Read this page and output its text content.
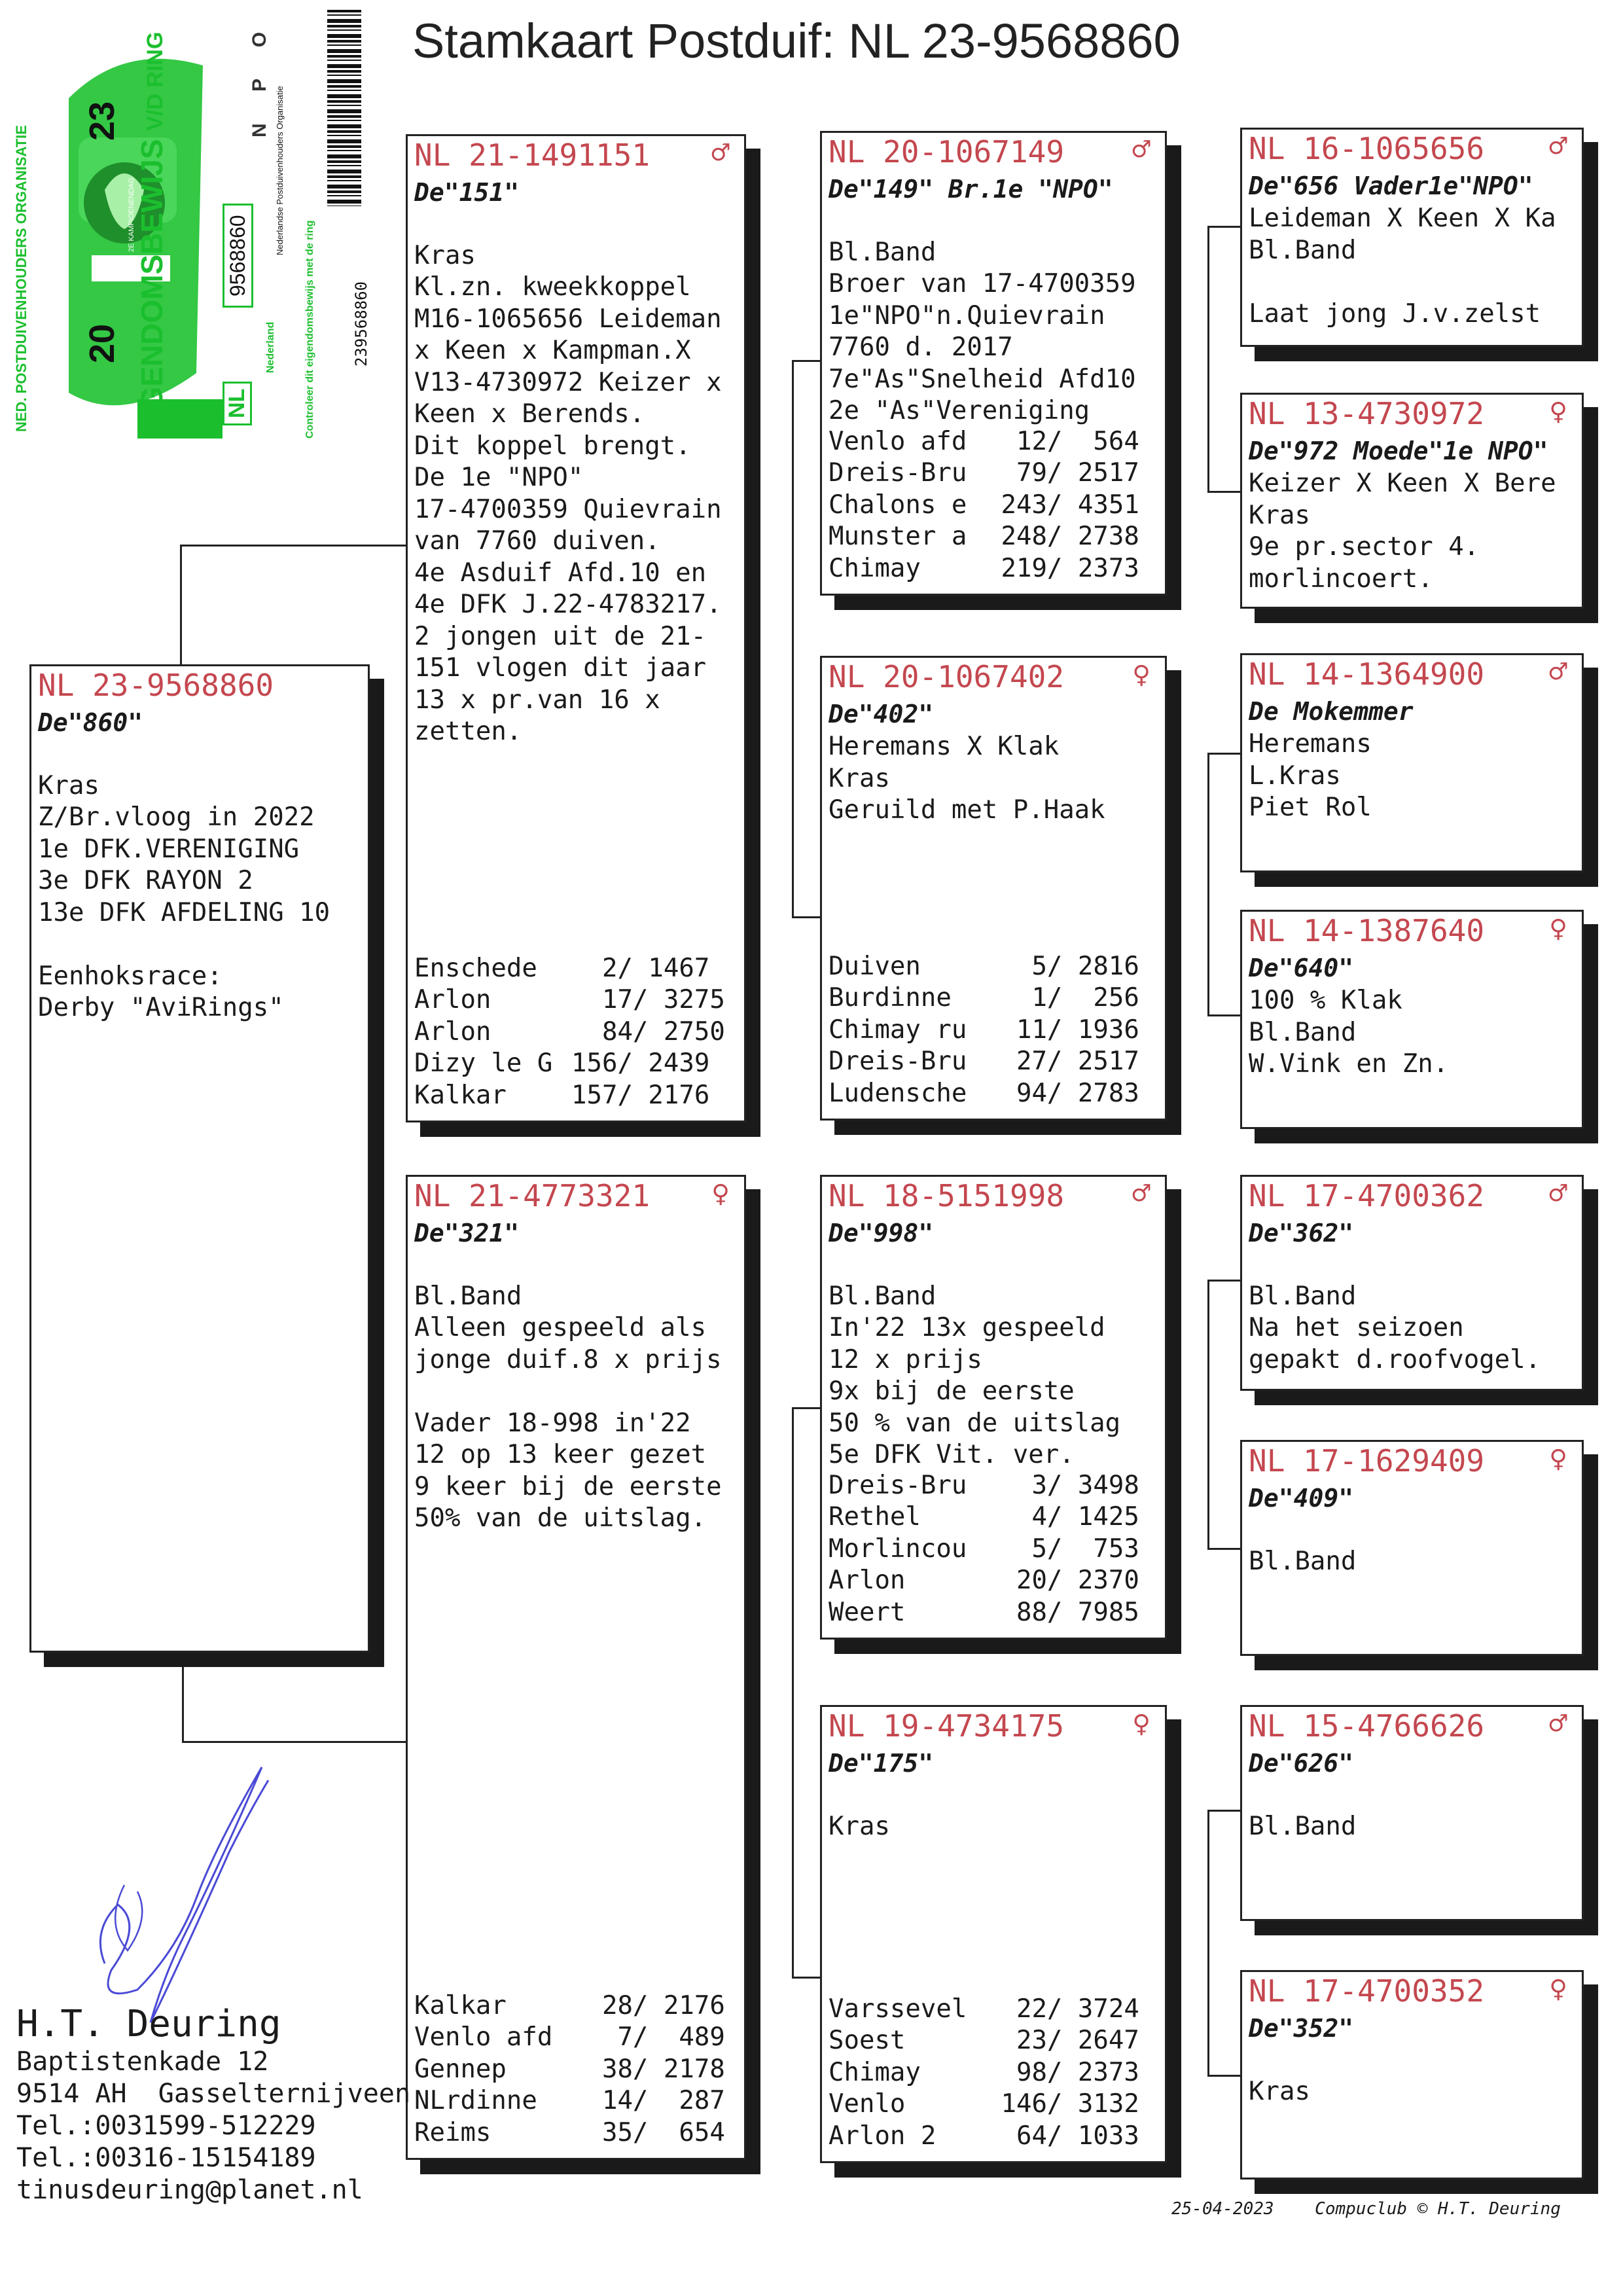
NED. POSTDUIVENHOUDERS ORGANISATIE	EIGENDOMSBEWIJS V/D RING
20
23
2E KAMPIOENENDAG
NL
9568860
Nederland
N P O
Nederlandse Postduivenhouders Organisatie
Controleer dit eigendomsbewijs met de ring 239568860
Stamkaart Postduif: NL 23-9568860
NL 23-9568860
De"860"

Kras
Z/Br.vloog in 2022
1e DFK.VERENIGING
3e DFK RAYON 2
13e DFK AFDELING 10

Eenhoksrace:
Derby "AviRings"
NL 21-1491151 ♂
De"151"

Kras
Kl.zn. kweekkoppel
M16-1065656 Leideman
x Keen x Kampman.X
V13-4730972 Keizer x
Keen x Berends.
Dit koppel brengt.
De 1e "NPO"
17-4700359 Quievrain
van 7760 duiven.
4e Asduif Afd.10 en
4e DFK J.22-4783217.
2 jongen uit de 21-
151 vlogen dit jaar
13 x pr.van 16 x
zetten.
Enschede	2/ 1467
Arlon	17/ 3275
Arlon	84/ 2750
Dizy le G 156/ 2439
Kalkar	157/ 2176
NL 21-4773321 ♀
De"321"

Bl.Band
Alleen gespeeld als
jonge duif.8 x prijs

Vader 18-998 in'22
12 op 13 keer gezet
9 keer bij de eerste
50% van de uitslag.
Kalkar	28/ 2176
Venlo afd 7/  489
Gennep	38/ 2178
NLrdinne	14/  287
Reims	35/  654
NL 20-1067149 ♂
De"149" Br.1e "NPO"

Bl.Band
Broer van 17-4700359
1e"NPO"n.Quievrain
7760 d. 2017
7e"As"Snelheid Afd10
2e "As"Vereniging
Venlo afd 12/  564
Dreis-Bru 79/ 2517
Chalons e 243/ 4351
Munster a 248/ 2738
Chimay	219/ 2373
NL 20-1067402 ♀
De"402"
Heremans X Klak
Kras
Geruild met P.Haak
Duiven	5/ 2816
Burdinne	1/  256
Chimay ru 11/ 1936
Dreis-Bru 27/ 2517
Ludensche 94/ 2783
NL 18-5151998 ♂
De"998"

Bl.Band
In'22 13x gespeeld
12 x prijs
9x bij de eerste
50 % van de uitslag
5e DFK Vit. ver.
Dreis-Bru 3/ 3498
Rethel	4/ 1425
Morlincou 5/  753
Arlon	20/ 2370
Weert	88/ 7985
NL 19-4734175 ♀
De"175"

Kras
Varssevel 22/ 3724
Soest	23/ 2647
Chimay	98/ 2373
Venlo	146/ 3132
Arlon 2	64/ 1033
NL 16-1065656 ♂
De"656 Vader1e"NPO"
Leideman X Keen X Ka
Bl.Band

Laat jong J.v.zelst
NL 13-4730972 ♀
De"972 Moede"1e NPO"
Keizer X Keen X Bere
Kras
9e pr.sector 4.
morlincoert.
NL 14-1364900 ♂
De Mokemmer
Heremans
L.Kras
Piet Rol
NL 14-1387640 ♀
De"640"
100 % Klak
Bl.Band
W.Vink en Zn.
NL 17-4700362 ♂
De"362"

Bl.Band
Na het seizoen
gepakt d.roofvogel.
NL 17-1629409 ♀
De"409"

Bl.Band
NL 15-4766626 ♂
De"626"

Bl.Band
NL 17-4700352 ♀
De"352"

Kras
H.T. Deuring
Baptistenkade 12
9514 AH  Gasselternijveen
Tel.:0031599-512229
Tel.:00316-15154189
tinusdeuring@planet.nl
25-04-2023 Compuclub © H.T. Deuring
